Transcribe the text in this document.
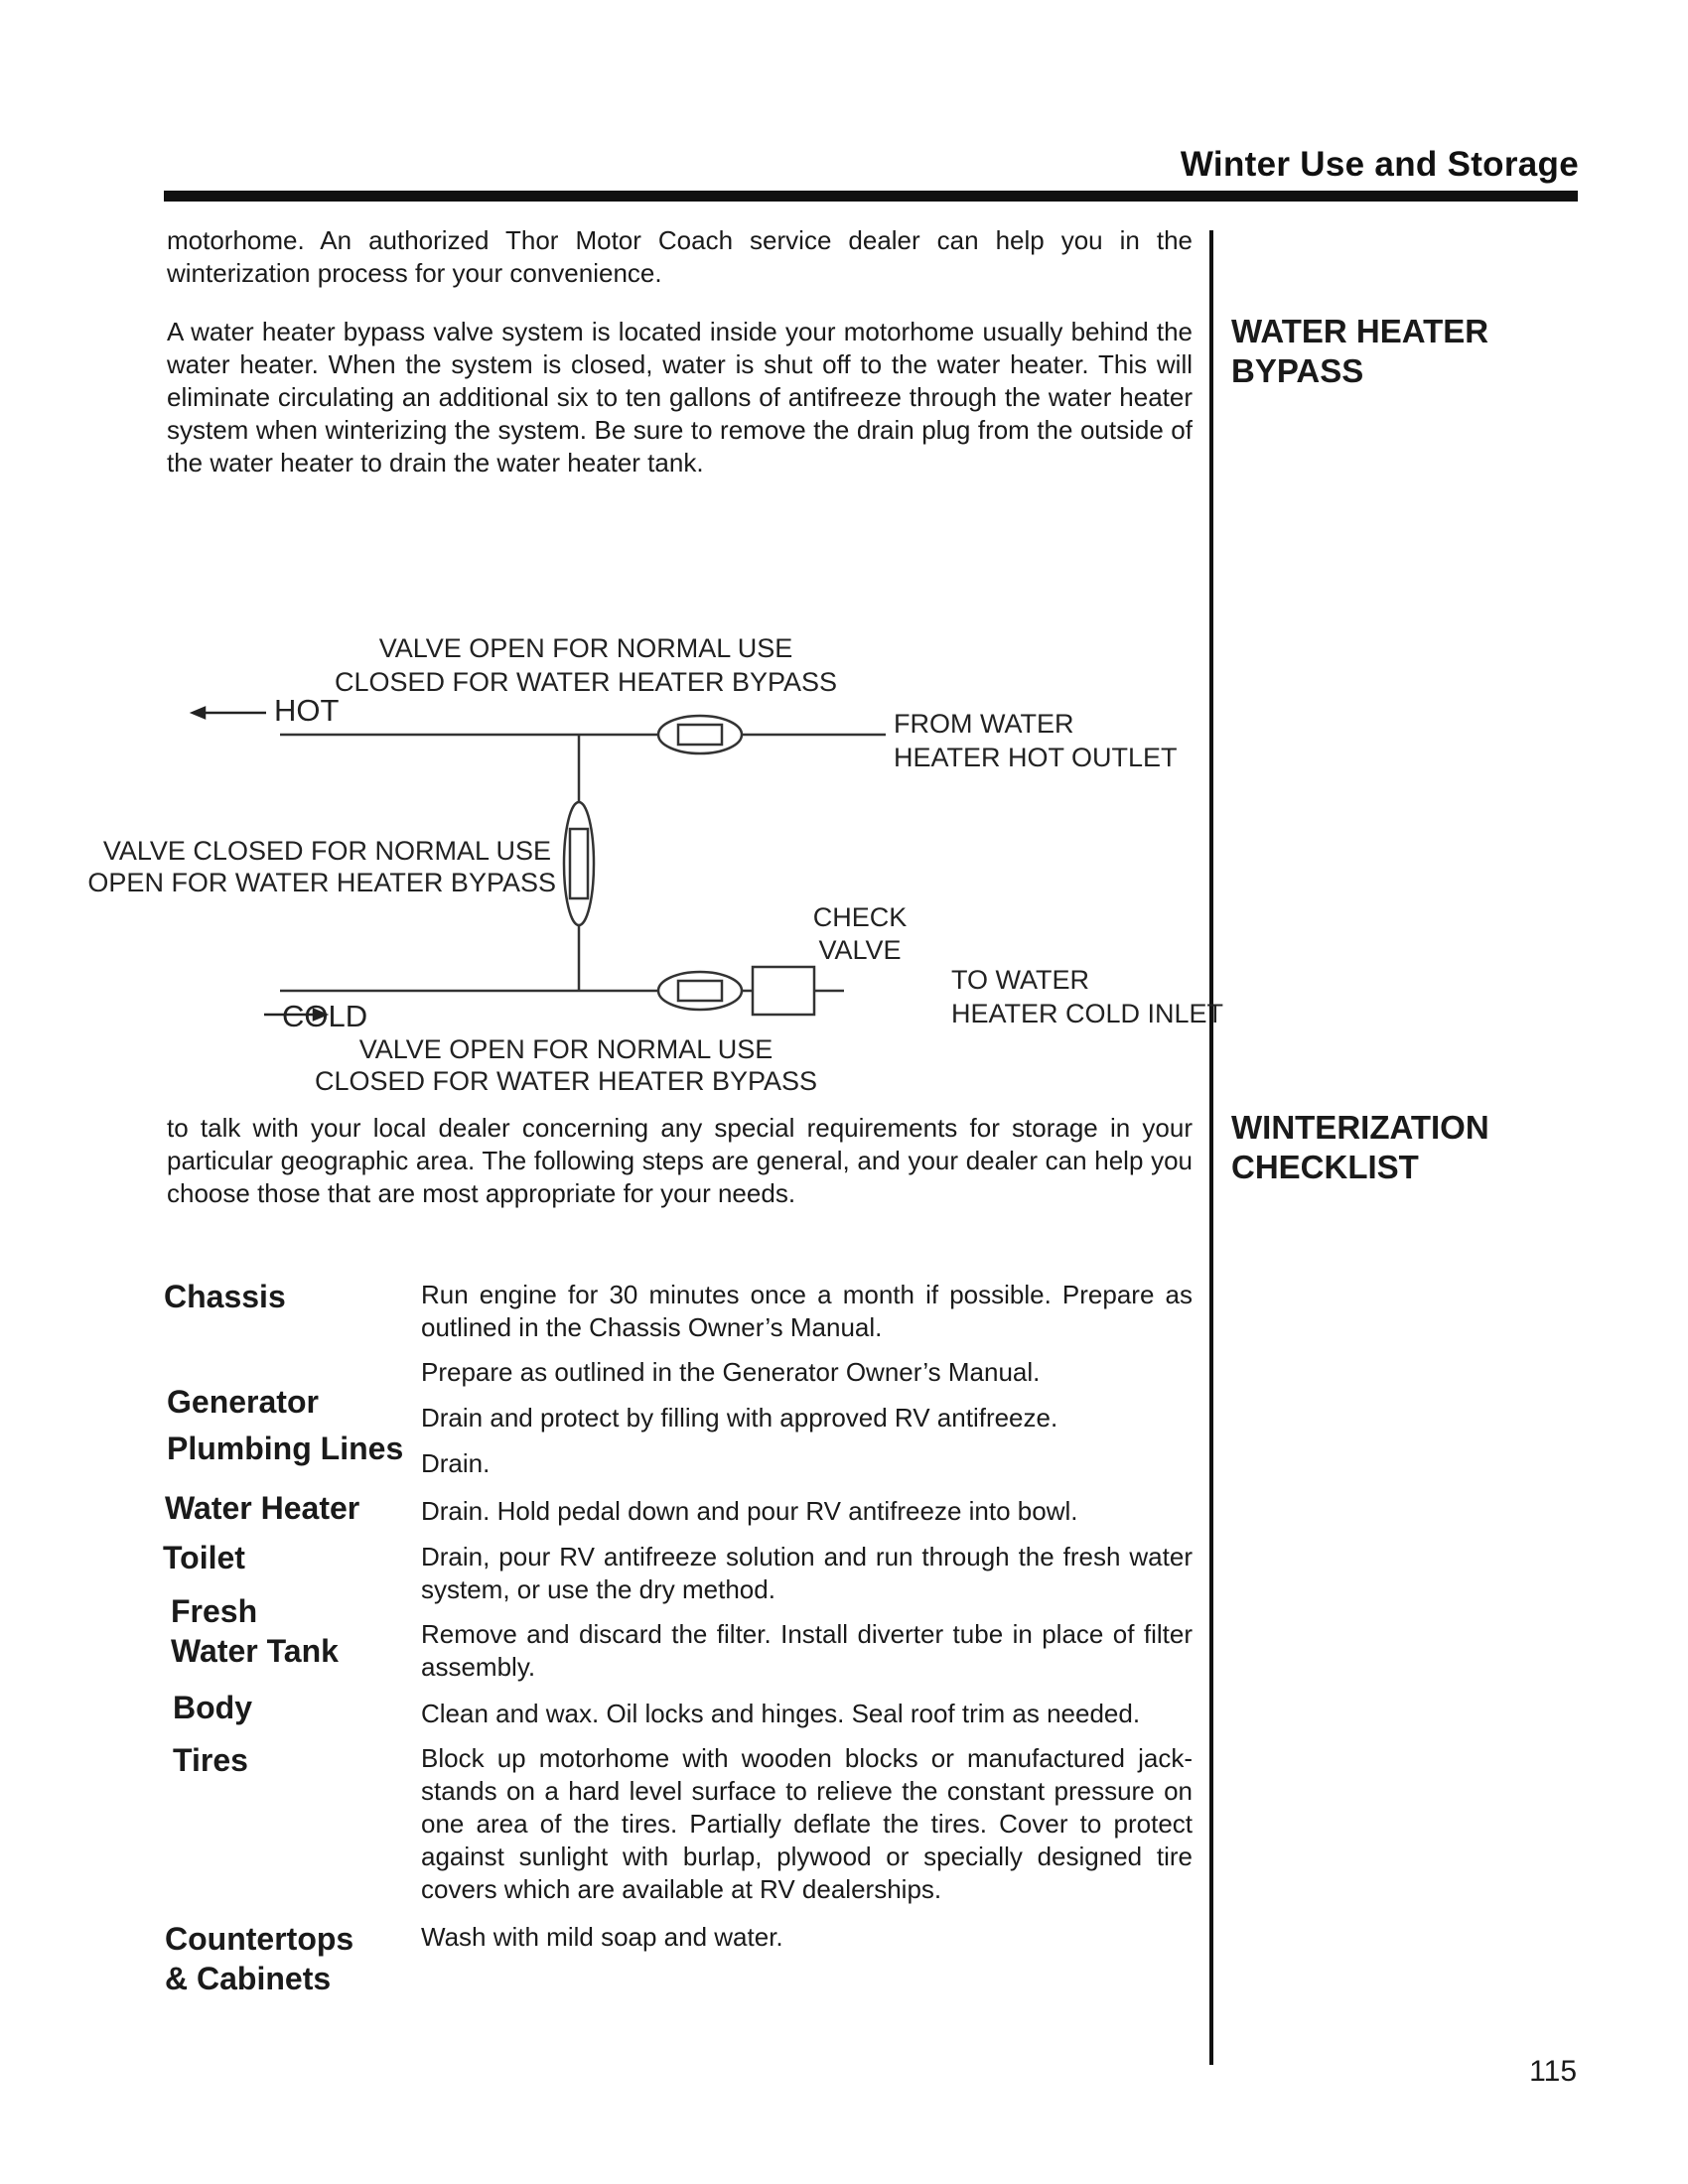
Winter Use and Storage
motorhome. An authorized Thor Motor Coach service dealer can help you in the winterization process for your convenience.
WATER HEATER
BYPASS
A water heater bypass valve system is located inside your motorhome usually behind the water heater. When the system is closed, water is shut off to the water heater. This will eliminate circulating an additional six to ten gallons of antifreeze through the water heater system when winterizing the system. Be sure to remove the drain plug from the outside of the water heater to drain the water heater tank.
VALVE OPEN FOR NORMAL USE
CLOSED FOR WATER HEATER BYPASS
HOT	FROM WATER
HEATER HOT OUTLET
VALVE CLOSED FOR NORMAL USE
OPEN FOR WATER HEATER BYPASS
CHECK
VALVE
COLD
TO WATER
HEATER COLD INLET
VALVE OPEN FOR NORMAL USE
CLOSED FOR WATER HEATER BYPASS
WINTERIZATION
CHECKLIST
to talk with your local dealer concerning any special requirements for storage in your particular geographic area. The following steps are general, and your dealer can help you choose those that are most appropriate for your needs.
Chassis
Generator
Plumbing Lines
Water Heater
Toilet
Fresh
Water Tank
Body
Tires
Countertops
& Cabinets
Run engine for 30 minutes once a month if possible. Prepare as outlined in the Chassis Owner’s Manual.
Prepare as outlined in the Generator Owner’s Manual.
Drain and protect by filling with approved RV antifreeze.
Drain.
Drain. Hold pedal down and pour RV antifreeze into bowl.
Drain, pour RV antifreeze solution and run through the fresh water system, or use the dry method.
Remove and discard the filter. Install diverter tube in place of filter assembly.
Clean and wax. Oil locks and hinges. Seal roof trim as needed.
Block up motorhome with wooden blocks or manufactured jack-stands on a hard level surface to relieve the constant pressure on one area of the tires. Partially deflate the tires. Cover to protect against sunlight with burlap, plywood or specially designed tire covers which are available at RV dealerships.
Wash with mild soap and water.
115
